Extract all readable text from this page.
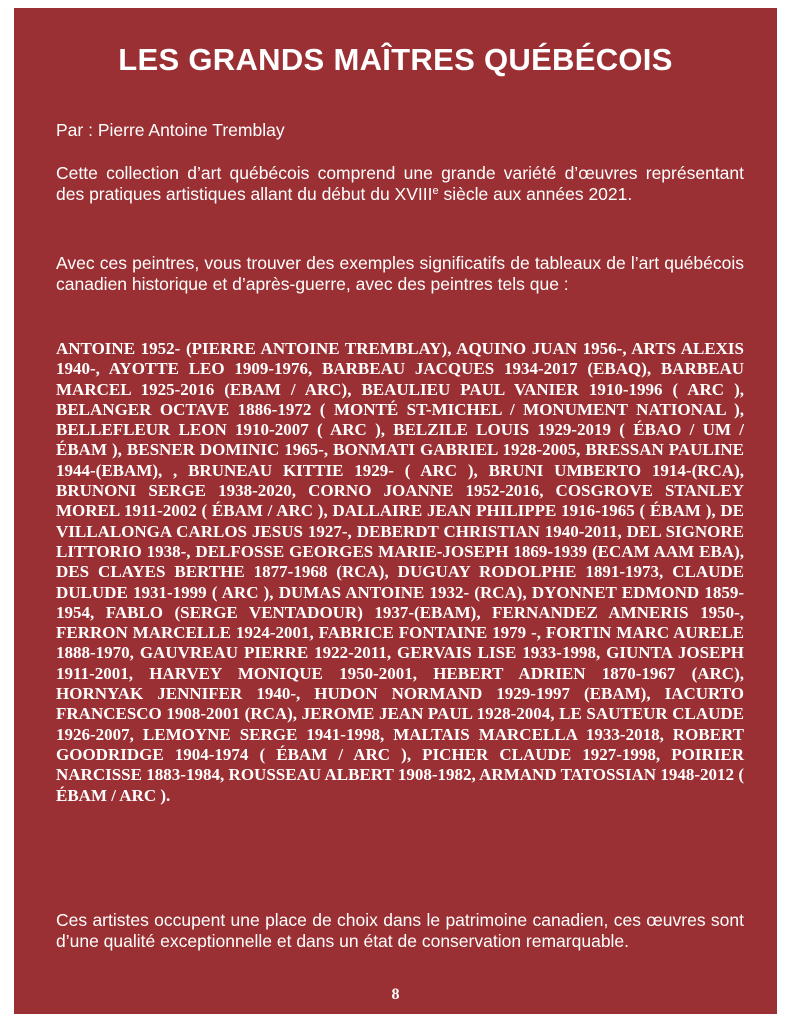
LES GRANDS MAÎTRES QUÉBÉCOIS
Par : Pierre Antoine Tremblay
Cette collection d’art québécois comprend une grande variété d’œuvres représentant des pratiques artistiques allant du début du XVIIIe siècle aux années 2021.
Avec ces peintres, vous trouver des exemples significatifs de tableaux de l’art québécois canadien historique et d’après-guerre, avec des peintres tels que :
ANTOINE 1952- (PIERRE ANTOINE TREMBLAY), AQUINO JUAN 1956-, ARTS ALEXIS 1940-, AYOTTE LEO 1909-1976, BARBEAU JACQUES 1934-2017 (EBAQ), BARBEAU MARCEL 1925-2016 (EBAM / ARC), BEAULIEU PAUL VANIER 1910-1996 ( ARC ), BELANGER OCTAVE 1886-1972 ( MONTÉ ST-MICHEL / MONUMENT NATIONAL ), BELLEFLEUR LEON 1910-2007 ( ARC ), BELZILE LOUIS 1929-2019 ( ÉBAO / UM / ÉBAM ), BESNER DOMINIC 1965-, BONMATI GABRIEL 1928-2005, BRESSAN PAULINE 1944-(EBAM), , BRUNEAU KITTIE 1929- ( ARC ), BRUNI UMBERTO 1914-(RCA), BRUNONI SERGE 1938-2020, CORNO JOANNE 1952-2016, COSGROVE STANLEY MOREL 1911-2002 ( ÉBAM / ARC ), DALLAIRE JEAN PHILIPPE 1916-1965 ( ÉBAM ), DE VILLALONGA CARLOS JESUS 1927-, DEBERDT CHRISTIAN 1940-2011, DEL SIGNORE LITTORIO 1938-, DELFOSSE GEORGES MARIE-JOSEPH 1869-1939 (ECAM AAM EBA), DES CLAYES BERTHE 1877-1968 (RCA), DUGUAY RODOLPHE 1891-1973, CLAUDE DULUDE 1931-1999 ( ARC ), DUMAS ANTOINE 1932- (RCA), DYONNET EDMOND 1859-1954, FABLO (SERGE VENTADOUR) 1937-(EBAM), FERNANDEZ AMNERIS 1950-, FERRON MARCELLE 1924-2001, FABRICE FONTAINE 1979 -, FORTIN MARC AURELE 1888-1970, GAUVREAU PIERRE 1922-2011, GERVAIS LISE 1933-1998, GIUNTA JOSEPH 1911-2001, HARVEY MONIQUE 1950-2001, HEBERT ADRIEN 1870-1967 (ARC), HORNYAK JENNIFER 1940-, HUDON NORMAND 1929-1997 (EBAM), IACURTO FRANCESCO 1908-2001 (RCA), JEROME JEAN PAUL 1928-2004, LE SAUTEUR CLAUDE 1926-2007, LEMOYNE SERGE 1941-1998, MALTAIS MARCELLA 1933-2018, ROBERT GOODRIDGE 1904-1974 ( ÉBAM / ARC ), PICHER CLAUDE 1927-1998, POIRIER NARCISSE 1883-1984, ROUSSEAU ALBERT 1908-1982, ARMAND TATOSSIAN 1948-2012 ( ÉBAM / ARC ).
Ces artistes occupent une place de choix dans le patrimoine canadien, ces œuvres sont d’une qualité exceptionnelle et dans un état de conservation remarquable.
8
